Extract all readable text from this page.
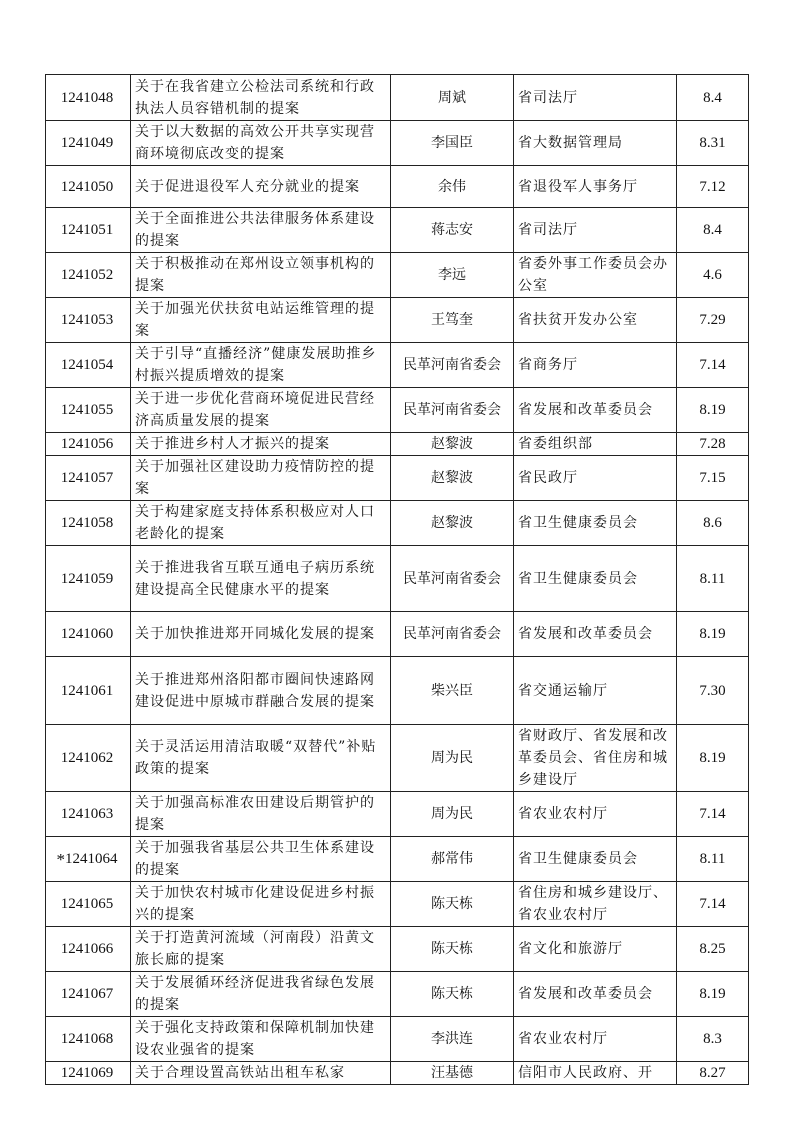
1241048	关于在我省建立公检法司系统和行政执法人员容错机制的提案	周斌	省司法厅	8.4
1241049	关于以大数据的高效公开共享实现营商环境彻底改变的提案	李国臣	省大数据管理局	8.31
1241050	关于促进退役军人充分就业的提案	余伟	省退役军人事务厅	7.12
1241051	关于全面推进公共法律服务体系建设的提案	蒋志安	省司法厅	8.4
1241052	关于积极推动在郑州设立领事机构的提案	李远	省委外事工作委员会办公室	4.6
1241053	关于加强光伏扶贫电站运维管理的提案	王笃奎	省扶贫开发办公室	7.29
1241054	关于引导“直播经济”健康发展助推乡村振兴提质增效的提案	民革河南省委会	省商务厅	7.14
1241055	关于进一步优化营商环境促进民营经济高质量发展的提案	民革河南省委会	省发展和改革委员会	8.19
1241056	关于推进乡村人才振兴的提案	赵黎波	省委组织部	7.28
1241057	关于加强社区建设助力疫情防控的提案	赵黎波	省民政厅	7.15
1241058	关于构建家庭支持体系积极应对人口老龄化的提案	赵黎波	省卫生健康委员会	8.6
1241059	关于推进我省互联互通电子病历系统建设提高全民健康水平的提案	民革河南省委会	省卫生健康委员会	8.11
1241060	关于加快推进郑开同城化发展的提案	民革河南省委会	省发展和改革委员会	8.19
1241061	关于推进郑州洛阳都市圈间快速路网建设促进中原城市群融合发展的提案	柴兴臣	省交通运输厅	7.30
1241062	关于灵活运用清洁取暖“双替代”补贴政策的提案	周为民	省财政厅、省发展和改革委员会、省住房和城乡建设厅	8.19
1241063	关于加强高标准农田建设后期管护的提案	周为民	省农业农村厅	7.14
*1241064	关于加强我省基层公共卫生体系建设的提案	郝常伟	省卫生健康委员会	8.11
1241065	关于加快农村城市化建设促进乡村振兴的提案	陈天栋	省住房和城乡建设厅、省农业农村厅	7.14
1241066	关于打造黄河流域（河南段）沿黄文旅长廊的提案	陈天栋	省文化和旅游厅	8.25
1241067	关于发展循环经济促进我省绿色发展的提案	陈天栋	省发展和改革委员会	8.19
1241068	关于强化支持政策和保障机制加快建设农业强省的提案	李洪连	省农业农村厅	8.3
1241069	关于合理设置高铁站出租车私家	汪基德	信阳市人民政府、开	8.27
